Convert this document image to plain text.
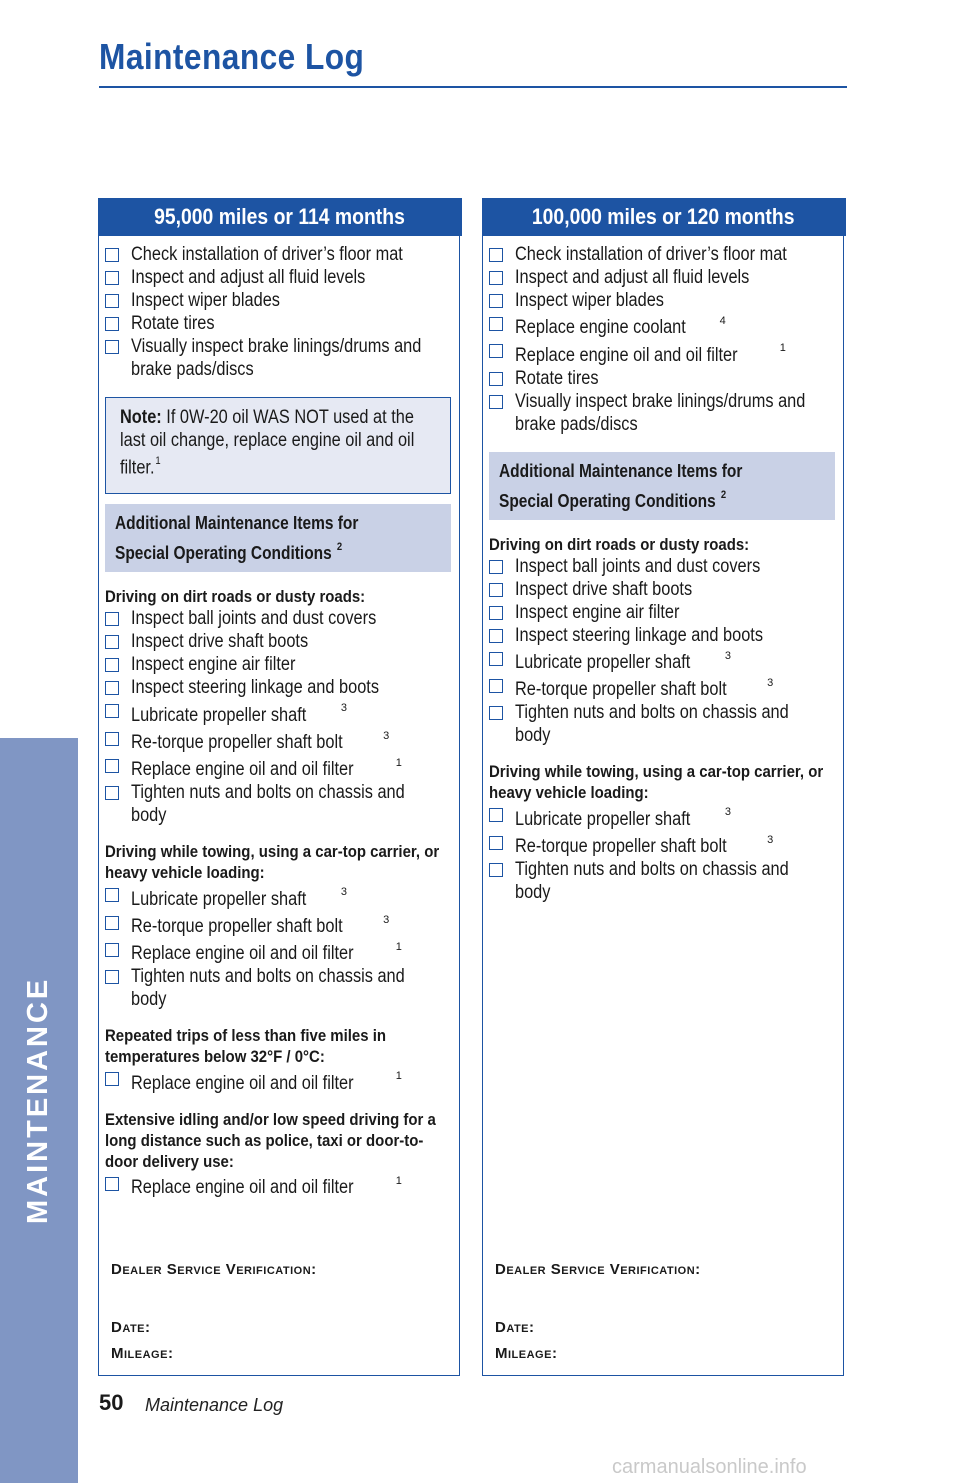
Maintenance Log
MAINTENANCE
95,000 miles or 114 months
Check installation of driver’s floor mat
Inspect and adjust all fluid levels
Inspect wiper blades
Rotate tires
Visually inspect brake linings/drums and
brake pads/discs
Note: If 0W-20 oil WAS NOT used at the last oil change, replace engine oil and oil filter.$^1$
Additional Maintenance Items for
Special Operating Conditions $^2$
Driving on dirt roads or dusty roads:
Inspect ball joints and dust covers
Inspect drive shaft boots
Inspect engine air filter
Inspect steering linkage and boots
Lubricate propeller shaft	$^3$
Re-torque propeller shaft bolt	$^3$
Replace engine oil and oil filter	$^1$
Tighten nuts and bolts on chassis and
body
Driving while towing, using a car-top carrier, or heavy vehicle loading:
Lubricate propeller shaft	$^3$
Re-torque propeller shaft bolt	$^3$
Replace engine oil and oil filter	$^1$
Tighten nuts and bolts on chassis and
body
Repeated trips of less than five miles in temperatures below 32°F / 0°C:
Replace engine oil and oil filter	$^1$
Extensive idling and/or low speed driving for a long distance such as police, taxi or door-to-door delivery use:
Replace engine oil and oil filter	$^1$
Dealer Service Verification:
Date:
Mileage:
100,000 miles or 120 months
Check installation of driver’s floor mat
Inspect and adjust all fluid levels
Inspect wiper blades
Replace engine coolant	$^4$
Replace engine oil and oil filter	$^1$
Rotate tires
Visually inspect brake linings/drums and
brake pads/discs
Additional Maintenance Items for
Special Operating Conditions $^2$
Driving on dirt roads or dusty roads:
Inspect ball joints and dust covers
Inspect drive shaft boots
Inspect engine air filter
Inspect steering linkage and boots
Lubricate propeller shaft	$^3$
Re-torque propeller shaft bolt	$^3$
Tighten nuts and bolts on chassis and
body
Driving while towing, using a car-top carrier, or heavy vehicle loading:
Lubricate propeller shaft	$^3$
Re-torque propeller shaft bolt	$^3$
Tighten nuts and bolts on chassis and
body
Dealer Service Verification:
Date:
Mileage:
50 Maintenance Log
carmanualsonline.info
